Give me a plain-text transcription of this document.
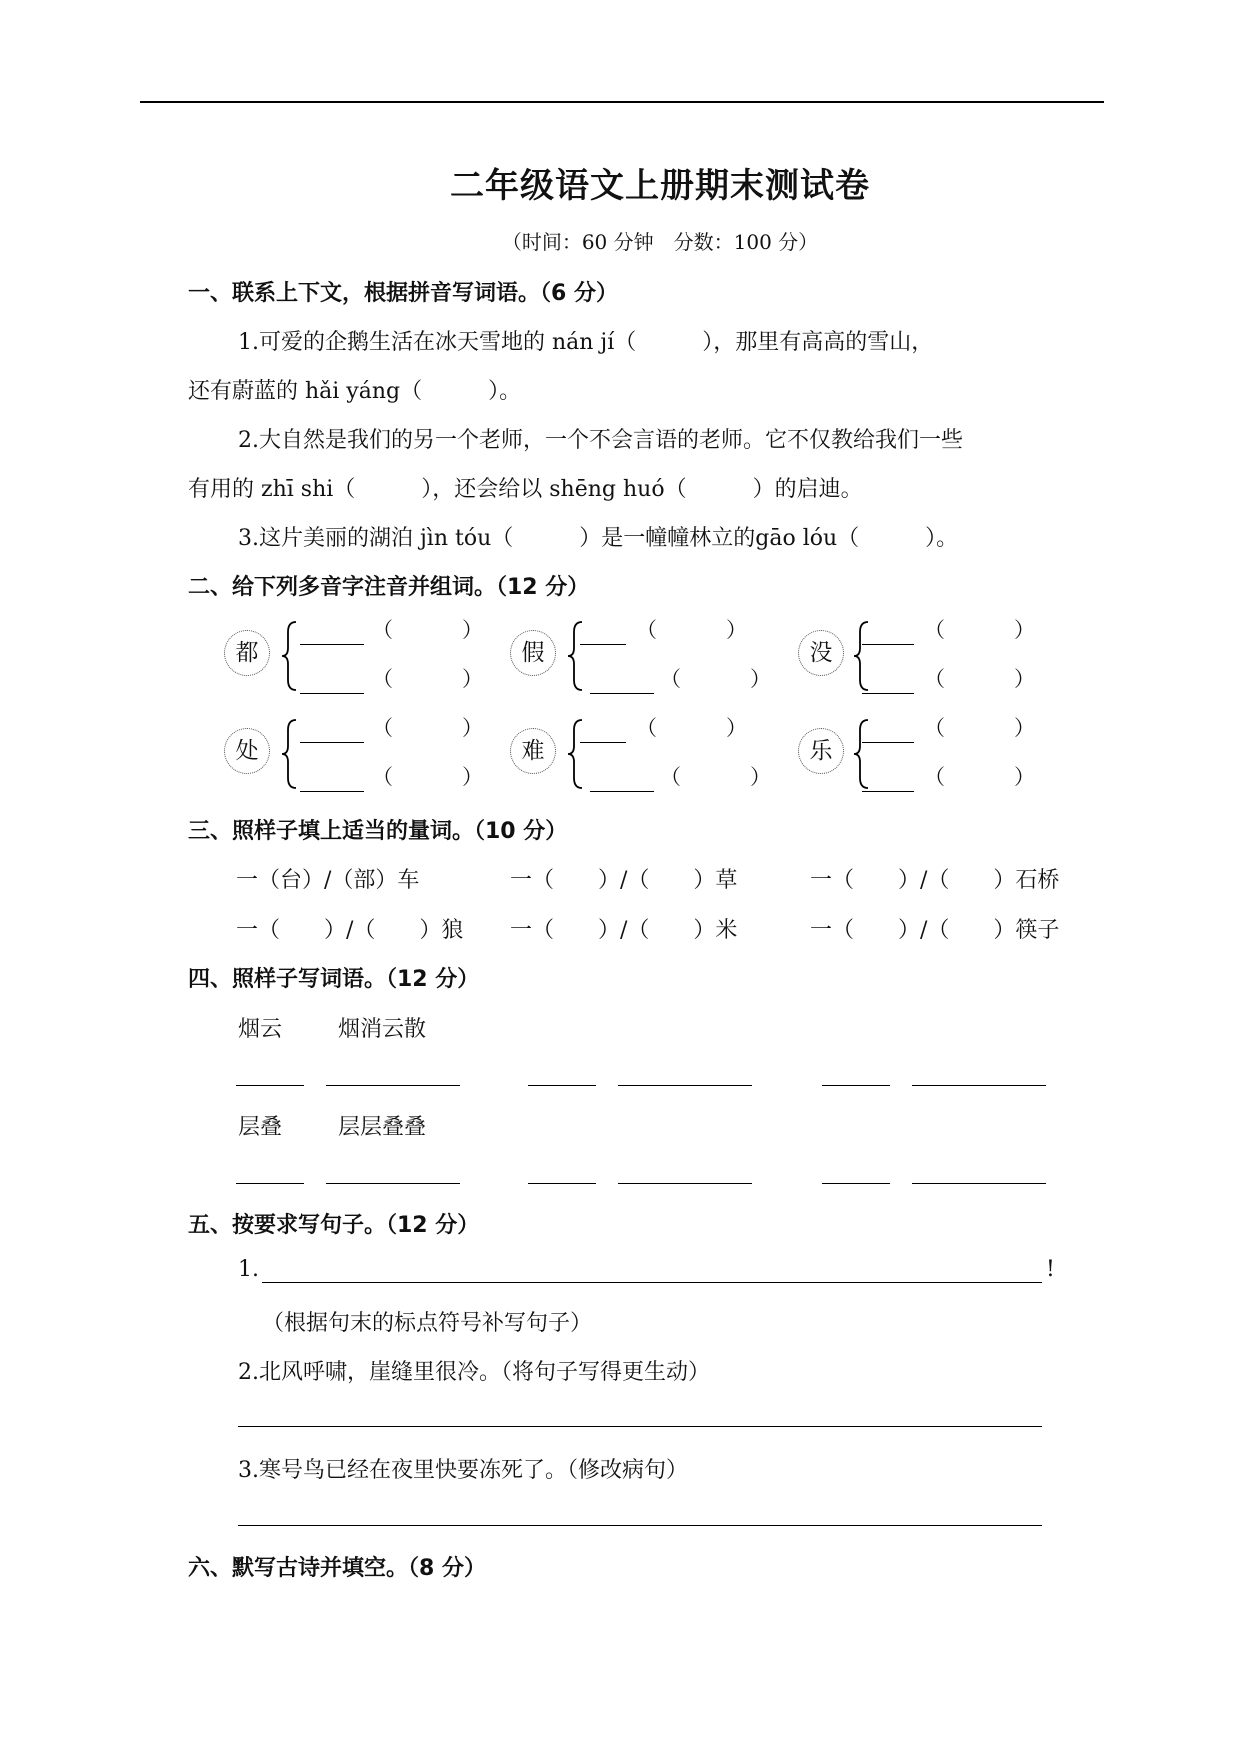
二年级语文上册期末测试卷
（时间：60 分钟　分数：100 分）
一、联系上下文，根据拼音写词语。（6 分）
1.可爱的企鹅生活在冰天雪地的 nán jí（　　　），那里有高高的雪山，
还有蔚蓝的 hǎi yáng（　　　）。
2.大自然是我们的另一个老师，一个不会言语的老师。它不仅教给我们一些
有用的 zhī shi（　　　），还会给以 shēng huó（　　　）的启迪。
3.这片美丽的湖泊 jìn tóu（　　　）是一幢幢林立的gāo lóu（　　　）。
二、给下列多音字注音并组词。（12 分）
都
（	）
（	）
假
（	）
（	）
没
（	）
（	）
处
（	）
（	）
难
（	）
（	）
乐
（	）
（	）
三、照样子填上适当的量词。（10 分）
一（台）/（部）车	一（　　）/（　　）草	一（　　）/（　　）石桥
一（　　）/（　　）狼 一（　　）/（　　）米	一（　　）/（　　）筷子
四、照样子写词语。（12 分）
烟云	烟消云散
层叠	层层叠叠
五、按要求写句子。（12 分）
1.	!
（根据句末的标点符号补写句子）
2.北风呼啸，崖缝里很冷。（将句子写得更生动）
3.寒号鸟已经在夜里快要冻死了。（修改病句）
六、默写古诗并填空。（8 分）
